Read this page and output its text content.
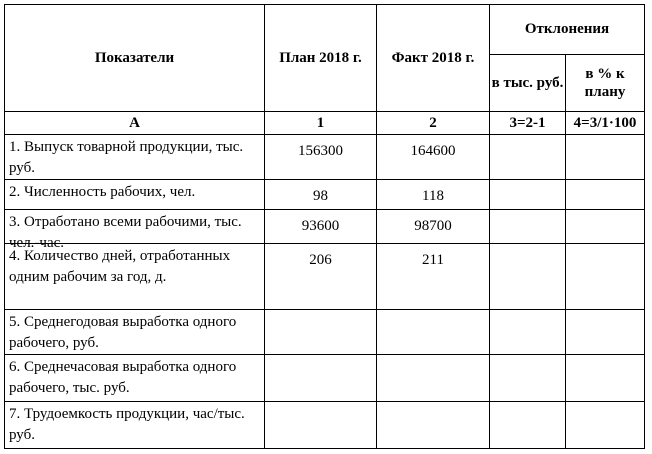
Показатели	План 2018 г.	Факт 2018 г.	Отклонения	
			в тыс. руб.	в % к плану
А	1	2	3=2-1	4=3/1·100
1. Выпуск товарной продукции, тыс. руб.	156300	164600		
2. Численность рабочих, чел.	98	118		

3. Отработано всеми рабочими, тыс. чел.-час.	93600	98700		
4. Количество дней, отработанных одним рабочим за год, д.	206	211		
5. Среднегодовая выработка одного рабочего, руб.				
6. Среднечасовая выработка одного рабочего, тыс. руб.				
7. Трудоемкость продукции, час/тыс. руб.				
